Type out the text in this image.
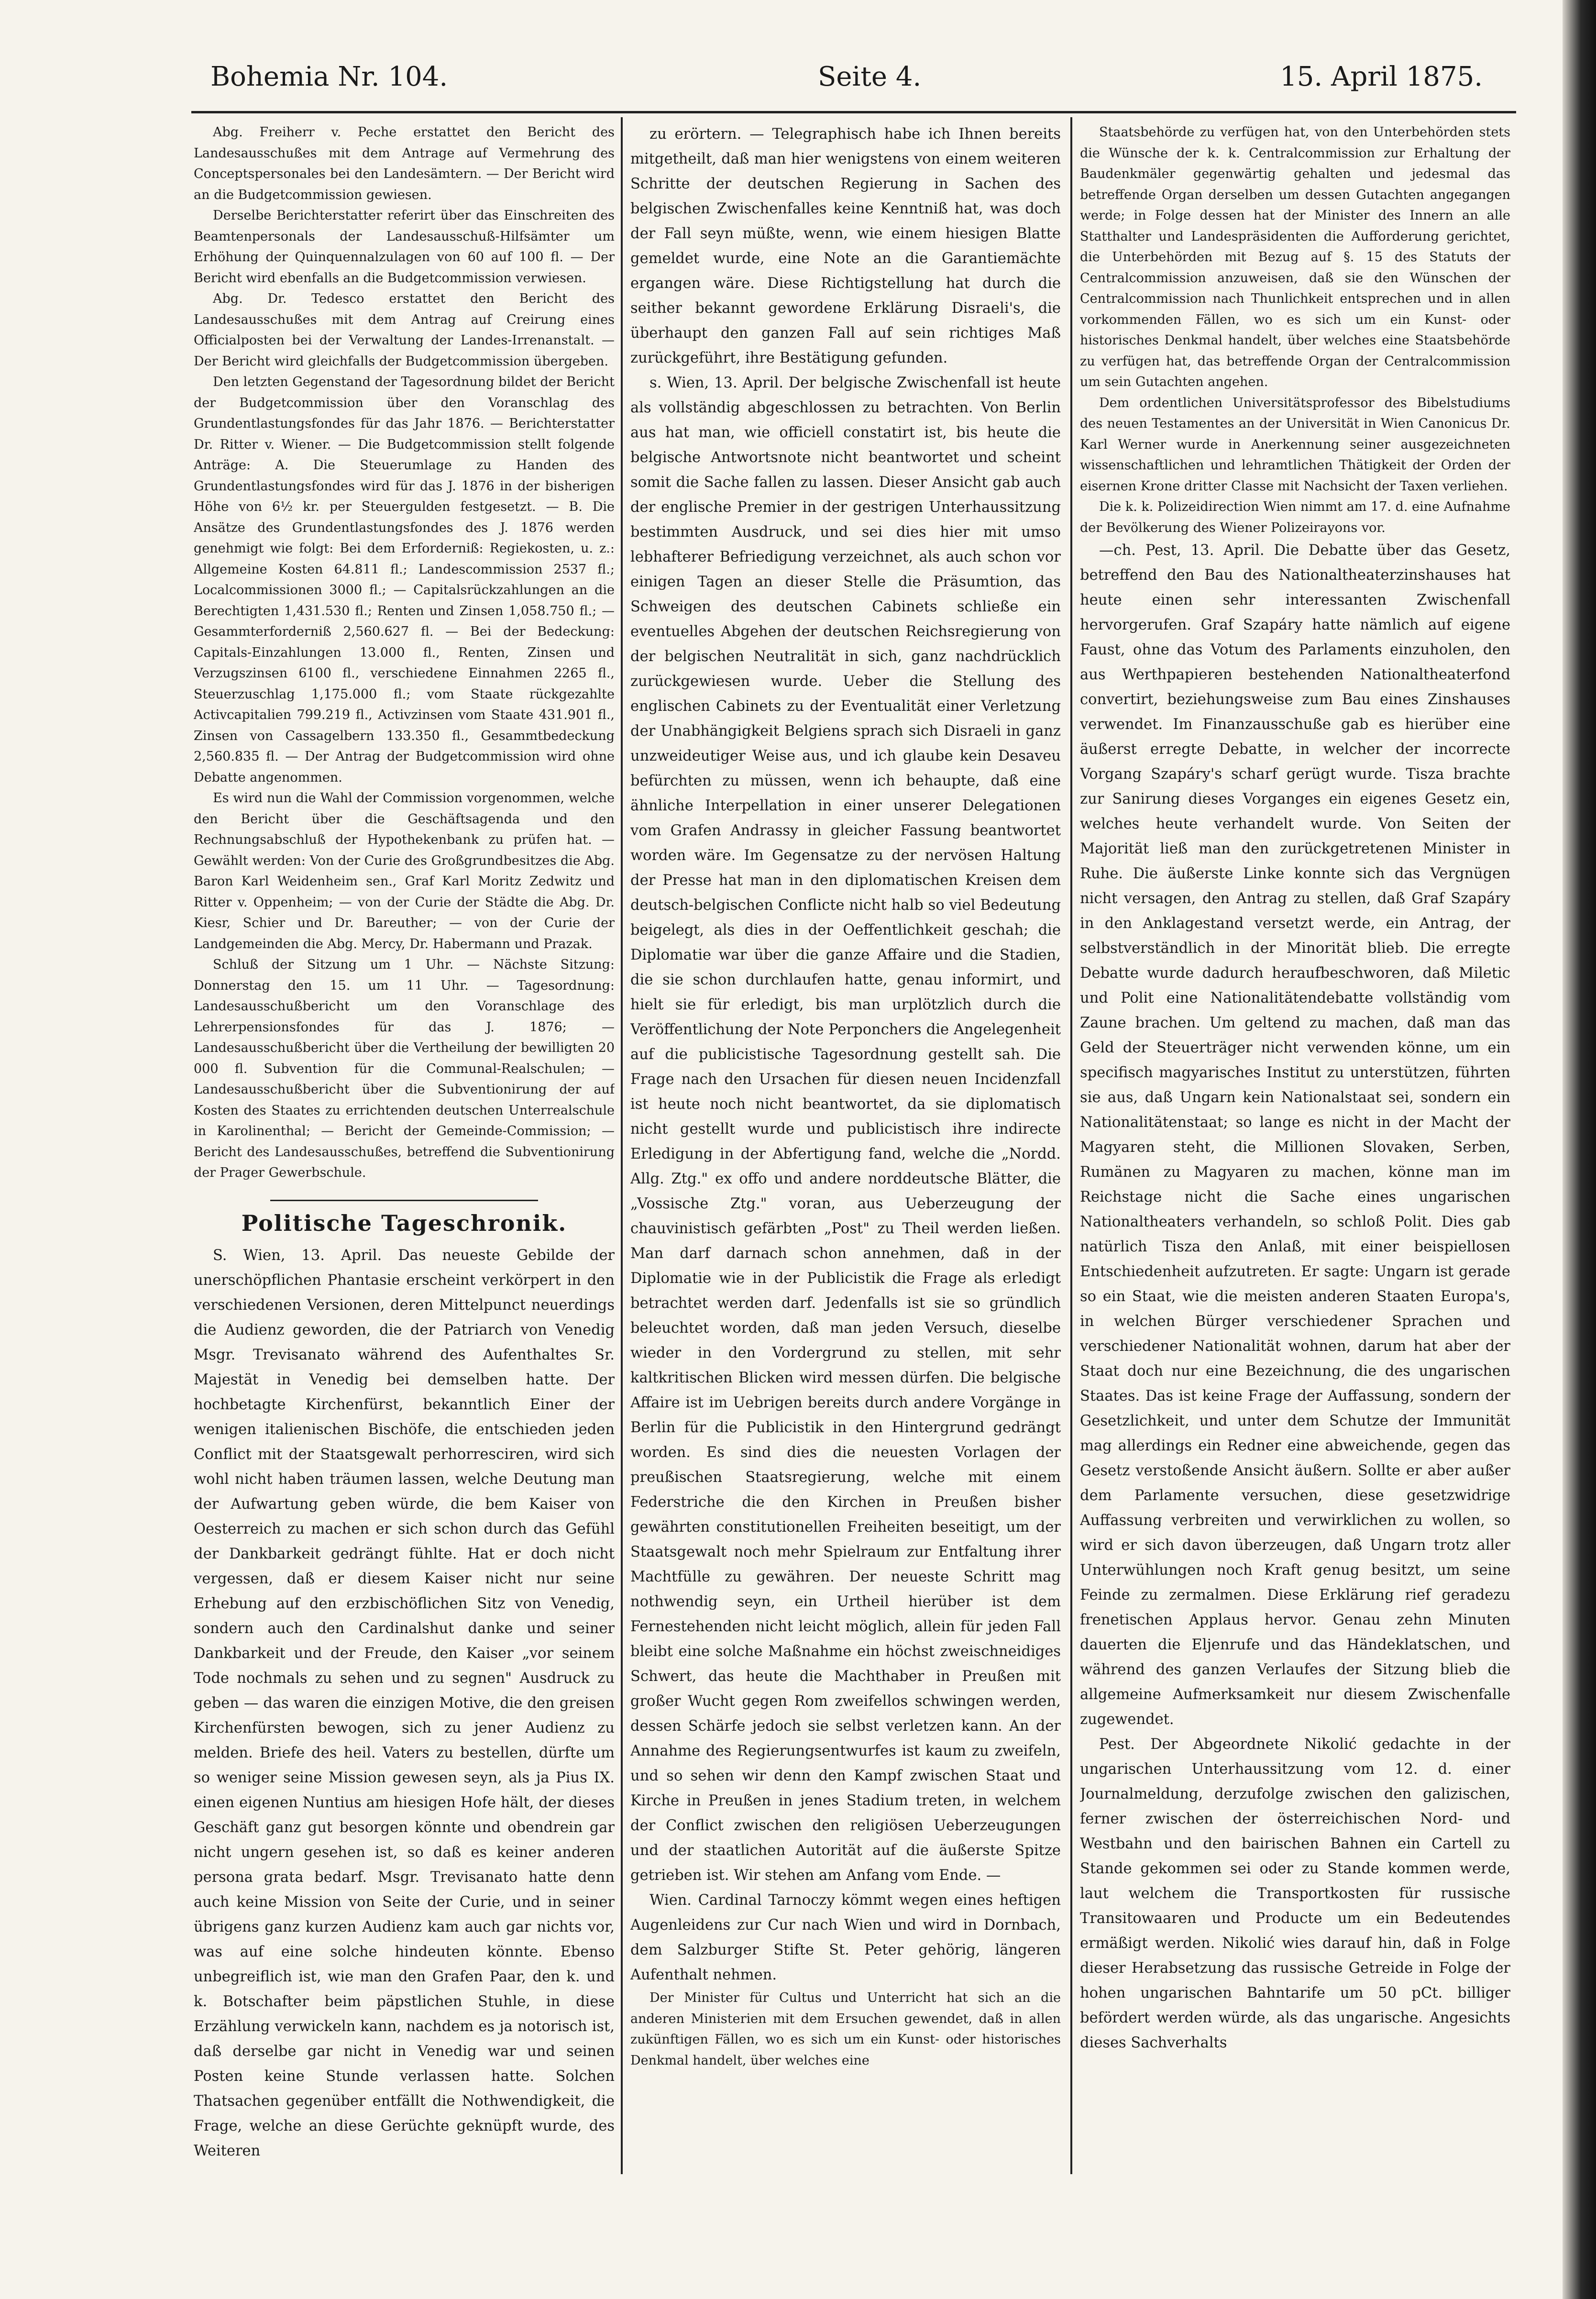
Bohemia Nr. 104.	Seite 4.	15. April 1875.

Abg. Freiherr v. Peche erstattet den Bericht des Landesausschußes mit dem Antrage auf Vermehrung des Conceptspersonales bei den Landesämtern. — Der Bericht wird an die Budgetcommission gewiesen.

Derselbe Berichterstatter referirt über das Einschreiten des Beamtenpersonals der Landesausschuß-Hilfsämter um Erhöhung der Quinquennalzulagen von 60 auf 100 fl. — Der Bericht wird ebenfalls an die Budgetcommission verwiesen.

Abg. Dr. Tedesco erstattet den Bericht des Landesausschußes mit dem Antrag auf Creirung eines Officialposten bei der Verwaltung der Landes-Irrenanstalt. — Der Bericht wird gleichfalls der Budgetcommission übergeben.

Den letzten Gegenstand der Tagesordnung bildet der Bericht der Budgetcommission über den Voranschlag des Grundentlastungsfondes für das Jahr 1876. — Berichterstatter Dr. Ritter v. Wiener. — Die Budgetcommission stellt folgende Anträge: A. Die Steuerumlage zu Handen des Grundentlastungsfondes wird für das J. 1876 in der bisherigen Höhe von 6½ kr. per Steuergulden festgesetzt. — B. Die Ansätze des Grundentlastungsfondes des J. 1876 werden genehmigt wie folgt: Bei dem Erforderniß: Regiekosten, u. z.: Allgemeine Kosten 64.811 fl.; Landescommission 2537 fl.; Localcommissionen 3000 fl.; — Capitalsrückzahlungen an die Berechtigten 1,431.530 fl.; Renten und Zinsen 1,058.750 fl.; — Gesammterforderniß 2,560.627 fl. — Bei der Bedeckung: Capitals-Einzahlungen 13.000 fl., Renten, Zinsen und Verzugszinsen 6100 fl., verschiedene Einnahmen 2265 fl., Steuerzuschlag 1,175.000 fl.; vom Staate rückgezahlte Activcapitalien 799.219 fl., Activzinsen vom Staate 431.901 fl., Zinsen von Cassagelbern 133.350 fl., Gesammtbedeckung 2,560.835 fl. — Der Antrag der Budgetcommission wird ohne Debatte angenommen.

Es wird nun die Wahl der Commission vorgenommen, welche den Bericht über die Geschäftsagenda und den Rechnungsabschluß der Hypothekenbank zu prüfen hat. — Gewählt werden: Von der Curie des Großgrundbesitzes die Abg. Baron Karl Weidenheim sen., Graf Karl Moritz Zedwitz und Ritter v. Oppenheim; — von der Curie der Städte die Abg. Dr. Kiesr, Schier und Dr. Bareuther; — von der Curie der Landgemeinden die Abg. Mercy, Dr. Habermann und Prazak.

Schluß der Sitzung um 1 Uhr. — Nächste Sitzung: Donnerstag den 15. um 11 Uhr. — Tagesordnung: Landesausschußbericht um den Voranschlage des Lehrerpensionsfondes für das J. 1876; — Landesausschußbericht über die Vertheilung der bewilligten 20 000 fl. Subvention für die Communal-Realschulen; — Landesausschußbericht über die Subventionirung der auf Kosten des Staates zu errichtenden deutschen Unterrealschule in Karolinenthal; — Bericht der Gemeinde-Commission; — Bericht des Landesausschußes, betreffend die Subventionirung der Prager Gewerbschule.

Politische Tageschronik.

S. Wien, 13. April. Das neueste Gebilde der unerschöpflichen Phantasie erscheint verkörpert in den verschiedenen Versionen, deren Mittelpunct neuerdings die Audienz geworden, die der Patriarch von Venedig Msgr. Trevisanato während des Aufenthaltes Sr. Majestät in Venedig bei demselben hatte. Der hochbetagte Kirchenfürst, bekanntlich Einer der wenigen italienischen Bischöfe, die entschieden jeden Conflict mit der Staatsgewalt perhorresciren, wird sich wohl nicht haben träumen lassen, welche Deutung man der Aufwartung geben würde, die bem Kaiser von Oesterreich zu machen er sich schon durch das Gefühl der Dankbarkeit gedrängt fühlte. Hat er doch nicht vergessen, daß er diesem Kaiser nicht nur seine Erhebung auf den erzbischöflichen Sitz von Venedig, sondern auch den Cardinalshut danke und seiner Dankbarkeit und der Freude, den Kaiser „vor seinem Tode nochmals zu sehen und zu segnen" Ausdruck zu geben — das waren die einzigen Motive, die den greisen Kirchenfürsten bewogen, sich zu jener Audienz zu melden. Briefe des heil. Vaters zu bestellen, dürfte um so weniger seine Mission gewesen seyn, als ja Pius IX. einen eigenen Nuntius am hiesigen Hofe hält, der dieses Geschäft ganz gut besorgen könnte und obendrein gar nicht ungern gesehen ist, so daß es keiner anderen persona grata bedarf. Msgr. Trevisanato hatte denn auch keine Mission von Seite der Curie, und in seiner übrigens ganz kurzen Audienz kam auch gar nichts vor, was auf eine solche hindeuten könnte. Ebenso unbegreiflich ist, wie man den Grafen Paar, den k. und k. Botschafter beim päpstlichen Stuhle, in diese Erzählung verwickeln kann, nachdem es ja notorisch ist, daß derselbe gar nicht in Venedig war und seinen Posten keine Stunde verlassen hatte. Solchen Thatsachen gegenüber entfällt die Nothwendigkeit, die Frage, welche an diese Gerüchte geknüpft wurde, des Weiteren

zu erörtern. — Telegraphisch habe ich Ihnen bereits mitgetheilt, daß man hier wenigstens von einem weiteren Schritte der deutschen Regierung in Sachen des belgischen Zwischenfalles keine Kenntniß hat, was doch der Fall seyn müßte, wenn, wie einem hiesigen Blatte gemeldet wurde, eine Note an die Garantiemächte ergangen wäre. Diese Richtigstellung hat durch die seither bekannt gewordene Erklärung Disraeli's, die überhaupt den ganzen Fall auf sein richtiges Maß zurückgeführt, ihre Bestätigung gefunden.

s. Wien, 13. April. Der belgische Zwischenfall ist heute als vollständig abgeschlossen zu betrachten. Von Berlin aus hat man, wie officiell constatirt ist, bis heute die belgische Antwortsnote nicht beantwortet und scheint somit die Sache fallen zu lassen. Dieser Ansicht gab auch der englische Premier in der gestrigen Unterhaussitzung bestimmten Ausdruck, und sei dies hier mit umso lebhafterer Befriedigung verzeichnet, als auch schon vor einigen Tagen an dieser Stelle die Präsumtion, das Schweigen des deutschen Cabinets schließe ein eventuelles Abgehen der deutschen Reichsregierung von der belgischen Neutralität in sich, ganz nachdrücklich zurückgewiesen wurde. Ueber die Stellung des englischen Cabinets zu der Eventualität einer Verletzung der Unabhängigkeit Belgiens sprach sich Disraeli in ganz unzweideutiger Weise aus, und ich glaube kein Desaveu befürchten zu müssen, wenn ich behaupte, daß eine ähnliche Interpellation in einer unserer Delegationen vom Grafen Andrassy in gleicher Fassung beantwortet worden wäre. Im Gegensatze zu der nervösen Haltung der Presse hat man in den diplomatischen Kreisen dem deutsch-belgischen Conflicte nicht halb so viel Bedeutung beigelegt, als dies in der Oeffentlichkeit geschah; die Diplomatie war über die ganze Affaire und die Stadien, die sie schon durchlaufen hatte, genau informirt, und hielt sie für erledigt, bis man urplötzlich durch die Veröffentlichung der Note Perponchers die Angelegenheit auf die publicistische Tagesordnung gestellt sah. Die Frage nach den Ursachen für diesen neuen Incidenzfall ist heute noch nicht beantwortet, da sie diplomatisch nicht gestellt wurde und publicistisch ihre indirecte Erledigung in der Abfertigung fand, welche die „Nordd. Allg. Ztg." ex offo und andere norddeutsche Blätter, die „Vossische Ztg." voran, aus Ueberzeugung der chauvinistisch gefärbten „Post" zu Theil werden ließen. Man darf darnach schon annehmen, daß in der Diplomatie wie in der Publicistik die Frage als erledigt betrachtet werden darf. Jedenfalls ist sie so gründlich beleuchtet worden, daß man jeden Versuch, dieselbe wieder in den Vordergrund zu stellen, mit sehr kaltkritischen Blicken wird messen dürfen. Die belgische Affaire ist im Uebrigen bereits durch andere Vorgänge in Berlin für die Publicistik in den Hintergrund gedrängt worden. Es sind dies die neuesten Vorlagen der preußischen Staatsregierung, welche mit einem Federstriche die den Kirchen in Preußen bisher gewährten constitutionellen Freiheiten beseitigt, um der Staatsgewalt noch mehr Spielraum zur Entfaltung ihrer Machtfülle zu gewähren. Der neueste Schritt mag nothwendig seyn, ein Urtheil hierüber ist dem Fernestehenden nicht leicht möglich, allein für jeden Fall bleibt eine solche Maßnahme ein höchst zweischneidiges Schwert, das heute die Machthaber in Preußen mit großer Wucht gegen Rom zweifellos schwingen werden, dessen Schärfe jedoch sie selbst verletzen kann. An der Annahme des Regierungsentwurfes ist kaum zu zweifeln, und so sehen wir denn den Kampf zwischen Staat und Kirche in Preußen in jenes Stadium treten, in welchem der Conflict zwischen den religiösen Ueberzeugungen und der staatlichen Autorität auf die äußerste Spitze getrieben ist. Wir stehen am Anfang vom Ende. —

Wien. Cardinal Tarnoczy kömmt wegen eines heftigen Augenleidens zur Cur nach Wien und wird in Dornbach, dem Salzburger Stifte St. Peter gehörig, längeren Aufenthalt nehmen.

Der Minister für Cultus und Unterricht hat sich an die anderen Ministerien mit dem Ersuchen gewendet, daß in allen zukünftigen Fällen, wo es sich um ein Kunst- oder historisches Denkmal handelt, über welches eine

Staatsbehörde zu verfügen hat, von den Unterbehörden stets die Wünsche der k. k. Centralcommission zur Erhaltung der Baudenkmäler gegenwärtig gehalten und jedesmal das betreffende Organ derselben um dessen Gutachten angegangen werde; in Folge dessen hat der Minister des Innern an alle Statthalter und Landespräsidenten die Aufforderung gerichtet, die Unterbehörden mit Bezug auf §. 15 des Statuts der Centralcommission anzuweisen, daß sie den Wünschen der Centralcommission nach Thunlichkeit entsprechen und in allen vorkommenden Fällen, wo es sich um ein Kunst- oder historisches Denkmal handelt, über welches eine Staatsbehörde zu verfügen hat, das betreffende Organ der Centralcommission um sein Gutachten angehen.

Dem ordentlichen Universitätsprofessor des Bibelstudiums des neuen Testamentes an der Universität in Wien Canonicus Dr. Karl Werner wurde in Anerkennung seiner ausgezeichneten wissenschaftlichen und lehramtlichen Thätigkeit der Orden der eisernen Krone dritter Classe mit Nachsicht der Taxen verliehen.

Die k. k. Polizeidirection Wien nimmt am 17. d. eine Aufnahme der Bevölkerung des Wiener Polizeirayons vor.

—ch. Pest, 13. April. Die Debatte über das Gesetz, betreffend den Bau des Nationaltheaterzinshauses hat heute einen sehr interessanten Zwischenfall hervorgerufen. Graf Szapáry hatte nämlich auf eigene Faust, ohne das Votum des Parlaments einzuholen, den aus Werthpapieren bestehenden Nationaltheaterfond convertirt, beziehungsweise zum Bau eines Zinshauses verwendet. Im Finanzausschuße gab es hierüber eine äußerst erregte Debatte, in welcher der incorrecte Vorgang Szapáry's scharf gerügt wurde. Tisza brachte zur Sanirung dieses Vorganges ein eigenes Gesetz ein, welches heute verhandelt wurde. Von Seiten der Majorität ließ man den zurückgetretenen Minister in Ruhe. Die äußerste Linke konnte sich das Vergnügen nicht versagen, den Antrag zu stellen, daß Graf Szapáry in den Anklagestand versetzt werde, ein Antrag, der selbstverständlich in der Minorität blieb. Die erregte Debatte wurde dadurch heraufbeschworen, daß Miletic und Polit eine Nationalitätendebatte vollständig vom Zaune brachen. Um geltend zu machen, daß man das Geld der Steuerträger nicht verwenden könne, um ein specifisch magyarisches Institut zu unterstützen, führten sie aus, daß Ungarn kein Nationalstaat sei, sondern ein Nationalitätenstaat; so lange es nicht in der Macht der Magyaren steht, die Millionen Slovaken, Serben, Rumänen zu Magyaren zu machen, könne man im Reichstage nicht die Sache eines ungarischen Nationaltheaters verhandeln, so schloß Polit. Dies gab natürlich Tisza den Anlaß, mit einer beispiellosen Entschiedenheit aufzutreten. Er sagte: Ungarn ist gerade so ein Staat, wie die meisten anderen Staaten Europa's, in welchen Bürger verschiedener Sprachen und verschiedener Nationalität wohnen, darum hat aber der Staat doch nur eine Bezeichnung, die des ungarischen Staates. Das ist keine Frage der Auffassung, sondern der Gesetzlichkeit, und unter dem Schutze der Immunität mag allerdings ein Redner eine abweichende, gegen das Gesetz verstoßende Ansicht äußern. Sollte er aber außer dem Parlamente versuchen, diese gesetzwidrige Auffassung verbreiten und verwirklichen zu wollen, so wird er sich davon überzeugen, daß Ungarn trotz aller Unterwühlungen noch Kraft genug besitzt, um seine Feinde zu zermalmen. Diese Erklärung rief geradezu frenetischen Applaus hervor. Genau zehn Minuten dauerten die Eljenrufe und das Händeklatschen, und während des ganzen Verlaufes der Sitzung blieb die allgemeine Aufmerksamkeit nur diesem Zwischenfalle zugewendet.

Pest. Der Abgeordnete Nikolić gedachte in der ungarischen Unterhaussitzung vom 12. d. einer Journalmeldung, derzufolge zwischen den galizischen, ferner zwischen der österreichischen Nord- und Westbahn und den bairischen Bahnen ein Cartell zu Stande gekommen sei oder zu Stande kommen werde, laut welchem die Transportkosten für russische Transitowaaren und Producte um ein Bedeutendes ermäßigt werden. Nikolić wies darauf hin, daß in Folge dieser Herabsetzung das russische Getreide in Folge der hohen ungarischen Bahntarife um 50 pCt. billiger befördert werden würde, als das ungarische. Angesichts dieses Sachverhalts
